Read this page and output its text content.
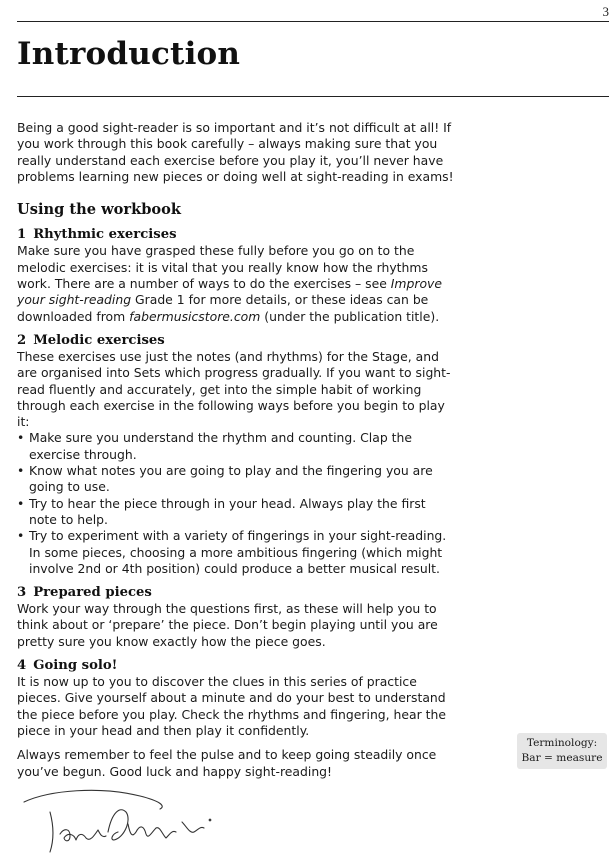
3
Introduction

Being a good sight-reader is so important and it’s not difficult at all! If you work through this book carefully – always making sure that you really understand each exercise before you play it, you’ll never have problems learning new pieces or doing well at sight-reading in exams!

Using the workbook
1 Rhythmic exercises

Make sure you have grasped these fully before you go on to the melodic exercises: it is vital that you really know how the rhythms work. There are a number of ways to do the exercises – see Improve your sight-reading Grade 1 for more details, or these ideas can be downloaded from fabermusicstore.com (under the publication title).

2 Melodic exercises

These exercises use just the notes (and rhythms) for the Stage, and are organised into Sets which progress gradually. If you want to sight-read fluently and accurately, get into the simple habit of working through each exercise in the following ways before you begin to play it:

• Make sure you understand the rhythm and counting. Clap the exercise through.
• Know what notes you are going to play and the fingering you are going to use.
• Try to hear the piece through in your head. Always play the first note to help.
• Try to experiment with a variety of fingerings in your sight-reading. In some pieces, choosing a more ambitious fingering (which might involve 2nd or 4th position) could produce a better musical result.
3 Prepared pieces

Work your way through the questions first, as these will help you to think about or ‘prepare’ the piece. Don’t begin playing until you are pretty sure you know exactly how the piece goes.

4 Going solo!

It is now up to you to discover the clues in this series of practice pieces. Give yourself about a minute and do your best to understand the piece before you play. Check the rhythms and fingering, hear the piece in your head and then play it confidently.

Always remember to feel the pulse and to keep going steadily once you’ve begun. Good luck and happy sight-reading!

Terminology:
Bar = measure
